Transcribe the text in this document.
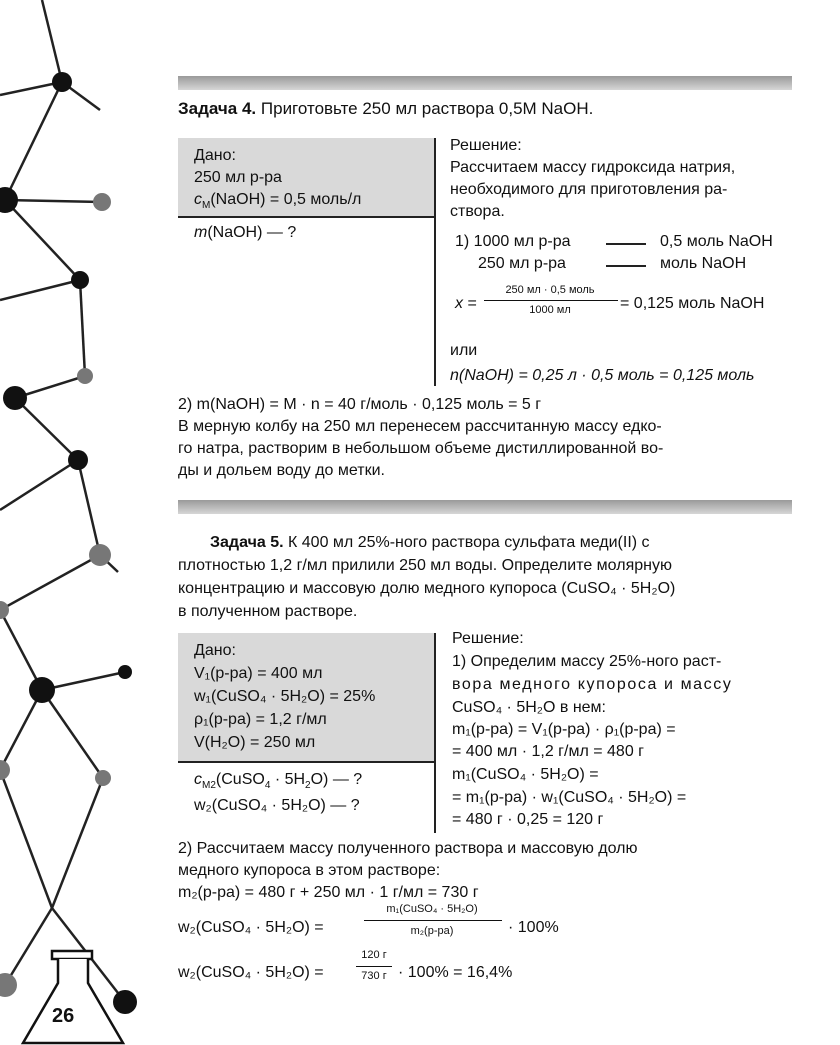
26
Задача 4. Приготовьте 250 мл раствора 0,5М NaOH.
Дано:
250 мл р-ра
$c_M(NaOH) = 0,5$ моль/л
m(NaOH) — ?
Решение:
Рассчитаем массу гидроксида натрия,
необходимого для приготовления ра-
створа.
1) 1000 мл р-ра	0,5 моль NaOH
250 мл р-ра	моль NaOH
x =
250 мл · 0,5 моль
1000 мл	= 0,125 моль NaOH
или
n(NaOH) = 0,25 л · 0,5 моль = 0,125 моль
2) m(NaOH) = M · n = 40 г/моль · 0,125 моль = 5 г
В мерную колбу на 250 мл перенесем рассчитанную массу едко-
го натра, растворим в небольшом объеме дистиллированной во-
ды и дольем воду до метки.
Задача 5. К 400 мл 25%-ного раствора сульфата меди(II) с
плотностью 1,2 г/мл прилили 250 мл воды. Определите молярную
концентрацию и массовую долю медного купороса (CuSO₄ · 5H₂O)
в полученном растворе.
Дано:
V₁(р-ра) = 400 мл
w₁(CuSO₄ · 5H₂O) = 25%
ρ₁(р-ра) = 1,2 г/мл
V(H₂O) = 250 мл
$c_{M2}(CuSO_4 \cdot 5H_2O)$ — ?
w₂(CuSO₄ · 5H₂O) — ?
Решение:
1) Определим массу 25%-ного раст-
вора медного купороса и массу
CuSO₄ · 5H₂O в нем:
m₁(р-ра) = V₁(р-ра) · ρ₁(р-ра) =
= 400 мл · 1,2 г/мл = 480 г
m₁(CuSO₄ · 5H₂O) =
= m₁(р-ра) · w₁(CuSO₄ · 5H₂O) =
= 480 г · 0,25 = 120 г
2) Рассчитаем массу полученного раствора и массовую долю
медного купороса в этом растворе:
m₂(р-ра) = 480 г + 250 мл · 1 г/мл = 730 г
w₂(CuSO₄ · 5H₂O) =
m₁(CuSO₄ · 5H₂O)
m₂(р-ра)	· 100%
w₂(CuSO₄ · 5H₂O) =
120 г
730 г · 100% = 16,4%
